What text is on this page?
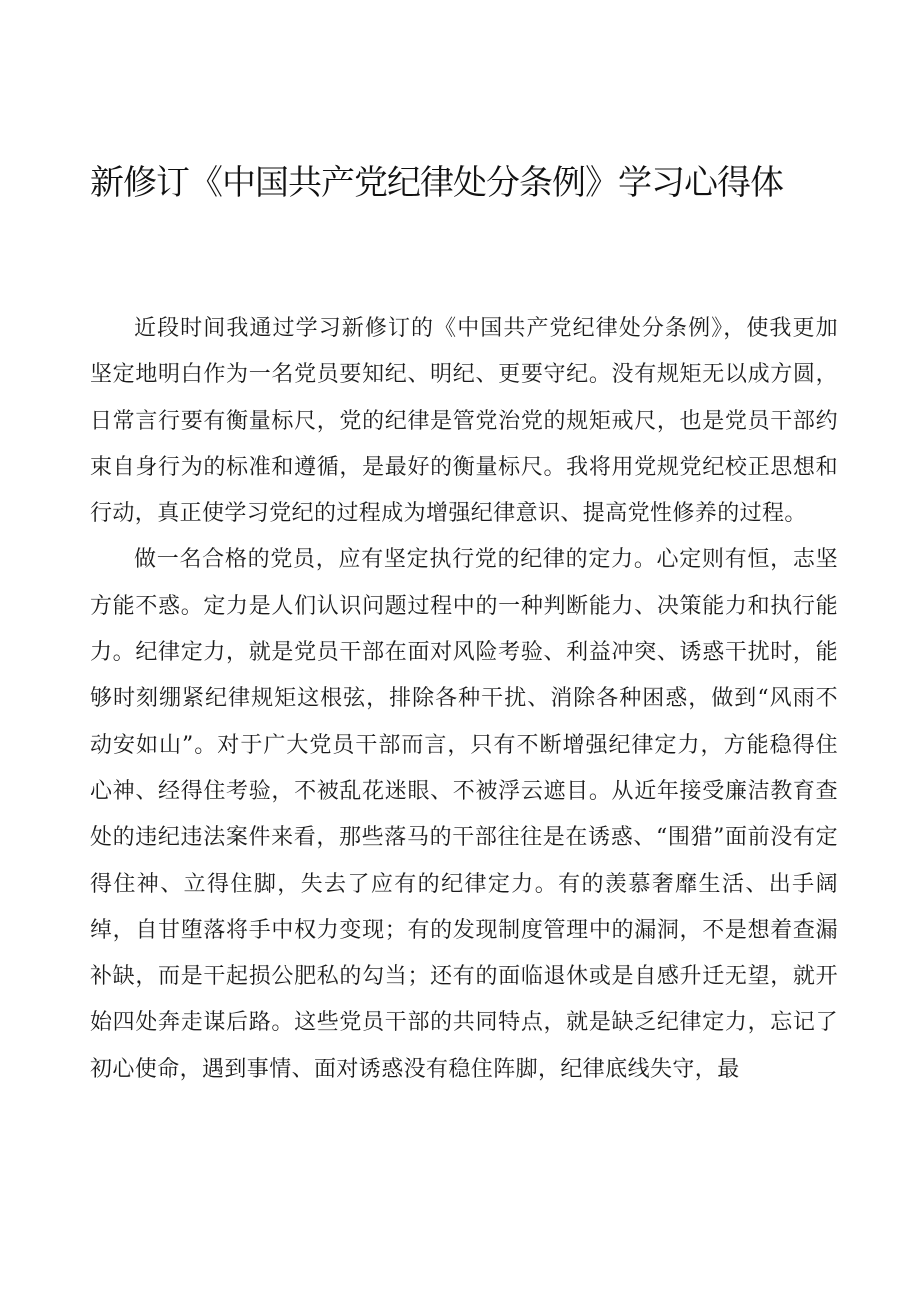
新修订《中国共产党纪律处分条例》学习心得体

近段时间我通过学习新修订的《中国共产党纪律处分条例》，使我更加坚定地明白作为一名党员要知纪、明纪、更要守纪。没有规矩无以成方圆，日常言行要有衡量标尺，党的纪律是管党治党的规矩戒尺，也是党员干部约束自身行为的标准和遵循，是最好的衡量标尺。我将用党规党纪校正思想和行动，真正使学习党纪的过程成为增强纪律意识、提高党性修养的过程。

做一名合格的党员，应有坚定执行党的纪律的定力。心定则有恒，志坚方能不惑。定力是人们认识问题过程中的一种判断能力、决策能力和执行能力。纪律定力，就是党员干部在面对风险考验、利益冲突、诱惑干扰时，能够时刻绷紧纪律规矩这根弦，排除各种干扰、消除各种困惑，做到“风雨不动安如山”。对于广大党员干部而言，只有不断增强纪律定力，方能稳得住心神、经得住考验，不被乱花迷眼、不被浮云遮目。从近年接受廉洁教育查处的违纪违法案件来看，那些落马的干部往往是在诱惑、“围猎”面前没有定得住神、立得住脚，失去了应有的纪律定力。有的羡慕奢靡生活、出手阔绰，自甘堕落将手中权力变现；有的发现制度管理中的漏洞，不是想着查漏补缺，而是干起损公肥私的勾当；还有的面临退休或是自感升迁无望，就开始四处奔走谋后路。这些党员干部的共同特点，就是缺乏纪律定力，忘记了初心使命，遇到事情、面对诱惑没有稳住阵脚，纪律底线失守，最
